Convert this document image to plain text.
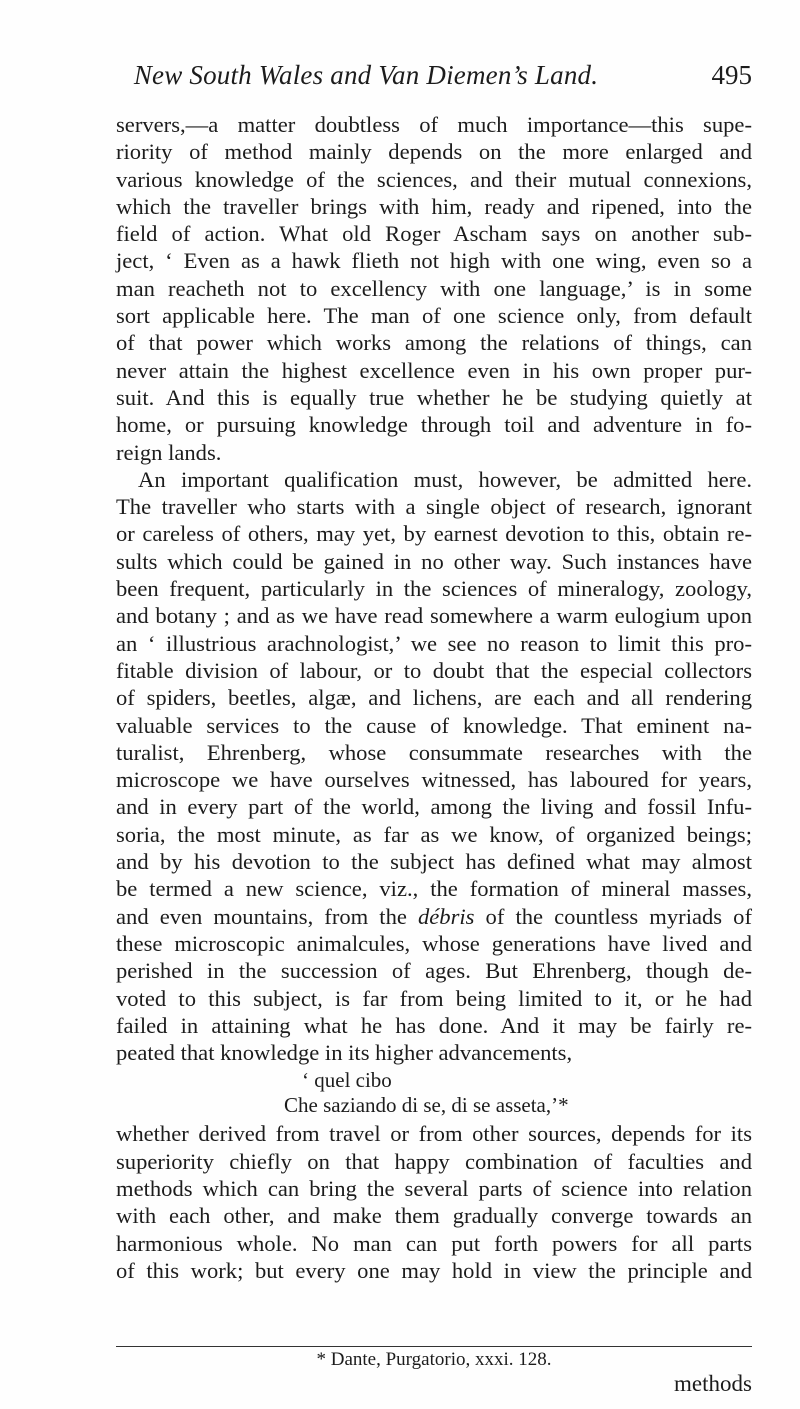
New South Wales and Van Diemen’s Land.	495

servers,—a matter doubtless of much importance—this supe-
riority of method mainly depends on the more enlarged and
various knowledge of the sciences, and their mutual connexions,
which the traveller brings with him, ready and ripened, into the
field of action. What old Roger Ascham says on another sub-
ject, ‘ Even as a hawk flieth not high with one wing, even so a
man reacheth not to excellency with one language,’ is in some
sort applicable here. The man of one science only, from default
of that power which works among the relations of things, can
never attain the highest excellence even in his own proper pur-
suit. And this is equally true whether he be studying quietly at
home, or pursuing knowledge through toil and adventure in fo-
reign lands.

An important qualification must, however, be admitted here.
The traveller who starts with a single object of research, ignorant
or careless of others, may yet, by earnest devotion to this, obtain re-
sults which could be gained in no other way. Such instances have
been frequent, particularly in the sciences of mineralogy, zoology,
and botany ; and as we have read somewhere a warm eulogium upon
an ‘ illustrious arachnologist,’ we see no reason to limit this pro-
fitable division of labour, or to doubt that the especial collectors
of spiders, beetles, algæ, and lichens, are each and all rendering
valuable services to the cause of knowledge. That eminent na-
turalist, Ehrenberg, whose consummate researches with the
microscope we have ourselves witnessed, has laboured for years,
and in every part of the world, among the living and fossil Infu-
soria, the most minute, as far as we know, of organized beings;
and by his devotion to the subject has defined what may almost
be termed a new science, viz., the formation of mineral masses,
and even mountains, from the débris of the countless myriads of
these microscopic animalcules, whose generations have lived and
perished in the succession of ages. But Ehrenberg, though de-
voted to this subject, is far from being limited to it, or he had
failed in attaining what he has done. And it may be fairly re-
peated that knowledge in its higher advancements,

‘ quel cibo
Che saziando di se, di se asseta,’*

whether derived from travel or from other sources, depends for its
superiority chiefly on that happy combination of faculties and
methods which can bring the several parts of science into relation
with each other, and make them gradually converge towards an
harmonious whole. No man can put forth powers for all parts
of this work; but every one may hold in view the principle and

* Dante, Purgatorio, xxxi. 128.
methods
